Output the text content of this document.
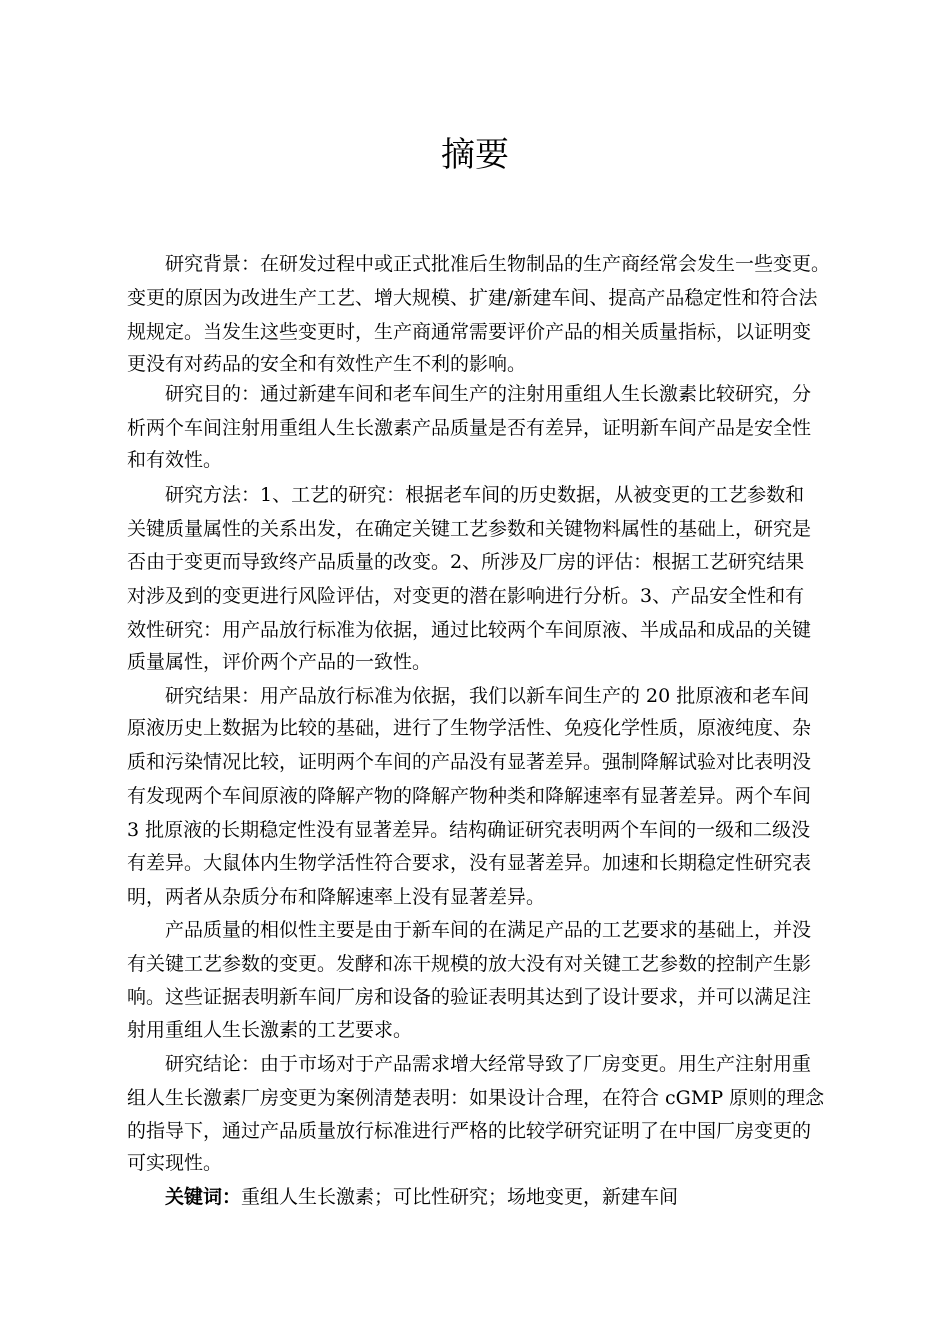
摘要
研究背景：在研发过程中或正式批准后生物制品的生产商经常会发生一些变更。
变更的原因为改进生产工艺、增大规模、扩建/新建车间、提高产品稳定性和符合法
规规定。当发生这些变更时，生产商通常需要评价产品的相关质量指标，以证明变
更没有对药品的安全和有效性产生不利的影响。
研究目的：通过新建车间和老车间生产的注射用重组人生长激素比较研究，分
析两个车间注射用重组人生长激素产品质量是否有差异，证明新车间产品是安全性
和有效性。
研究方法：1、工艺的研究：根据老车间的历史数据，从被变更的工艺参数和
关键质量属性的关系出发，在确定关键工艺参数和关键物料属性的基础上，研究是
否由于变更而导致终产品质量的改变。2、所涉及厂房的评估：根据工艺研究结果
对涉及到的变更进行风险评估，对变更的潜在影响进行分析。3、产品安全性和有
效性研究：用产品放行标准为依据，通过比较两个车间原液、半成品和成品的关键
质量属性，评价两个产品的一致性。
研究结果：用产品放行标准为依据，我们以新车间生产的 20 批原液和老车间
原液历史上数据为比较的基础，进行了生物学活性、免疫化学性质，原液纯度、杂
质和污染情况比较，证明两个车间的产品没有显著差异。强制降解试验对比表明没
有发现两个车间原液的降解产物的降解产物种类和降解速率有显著差异。两个车间
3 批原液的长期稳定性没有显著差异。结构确证研究表明两个车间的一级和二级没
有差异。大鼠体内生物学活性符合要求，没有显著差异。加速和长期稳定性研究表
明，两者从杂质分布和降解速率上没有显著差异。
产品质量的相似性主要是由于新车间的在满足产品的工艺要求的基础上，并没
有关键工艺参数的变更。发酵和冻干规模的放大没有对关键工艺参数的控制产生影
响。这些证据表明新车间厂房和设备的验证表明其达到了设计要求，并可以满足注
射用重组人生长激素的工艺要求。
研究结论：由于市场对于产品需求增大经常导致了厂房变更。用生产注射用重
组人生长激素厂房变更为案例清楚表明：如果设计合理，在符合 cGMP 原则的理念
的指导下，通过产品质量放行标准进行严格的比较学研究证明了在中国厂房变更的
可实现性。
关键词：重组人生长激素；可比性研究；场地变更，新建车间
